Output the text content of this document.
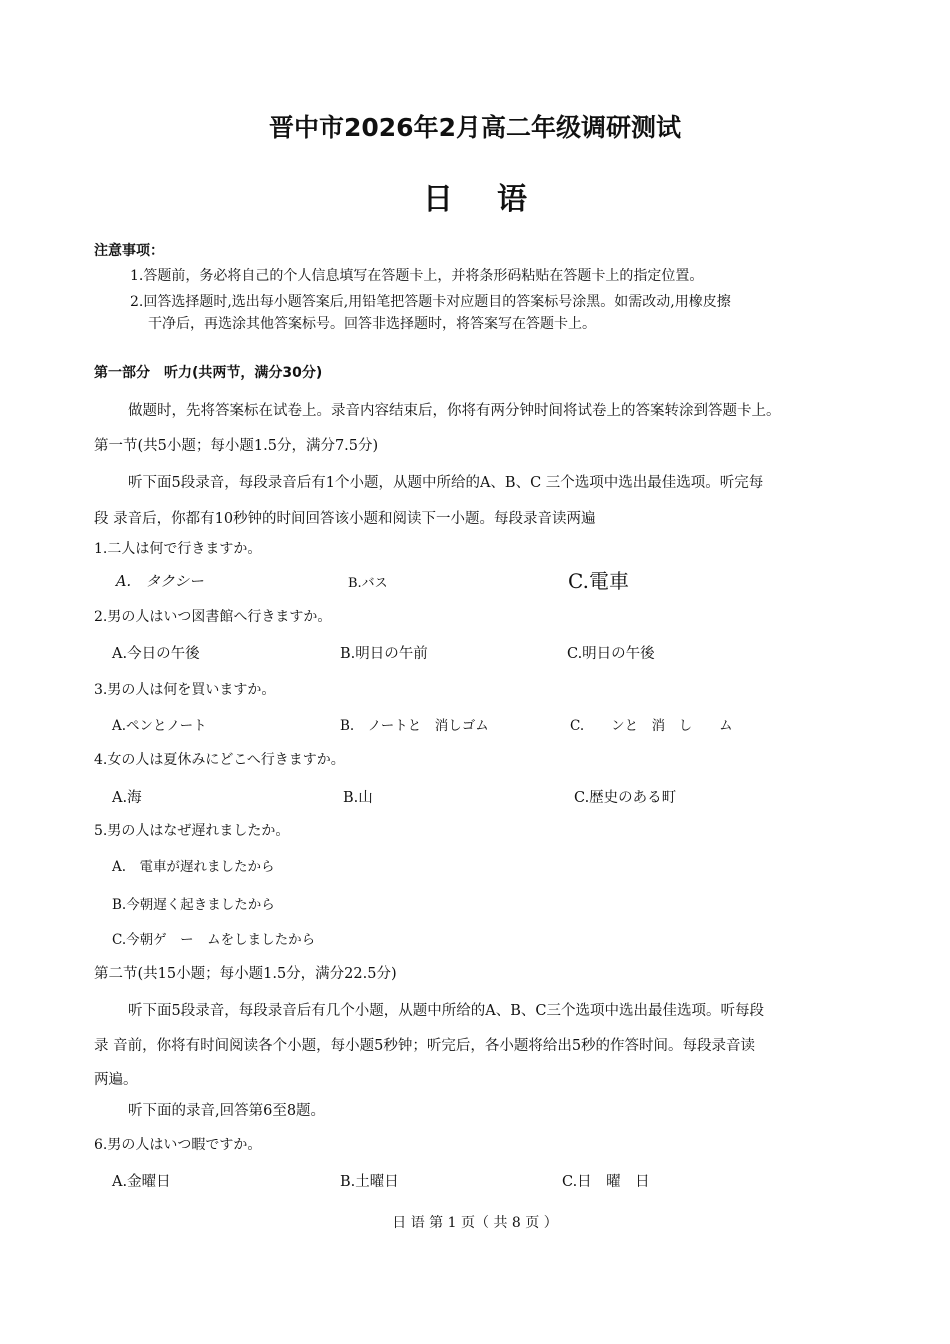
晋中市2026年2月高二年级调研测试
日语
注意事项：
1.答题前，务必将自己的个人信息填写在答题卡上，并将条形码粘贴在答题卡上的指定位置。
2.回答选择题时,选出每小题答案后,用铅笔把答题卡对应题目的答案标号涂黑。如需改动,用橡皮擦
干净后，再选涂其他答案标号。回答非选择题时，将答案写在答题卡上。
第一部分　听力(共两节，满分30分)
做题时，先将答案标在试卷上。录音内容结束后，你将有两分钟时间将试卷上的答案转涂到答题卡上。
第一节(共5小题；每小题1.5分，满分7.5分)
听下面5段录音，每段录音后有1个小题，从题中所给的A、B、C 三个选项中选出最佳选项。听完每
段 录音后，你都有10秒钟的时间回答该小题和阅读下一小题。每段录音读两遍
1.二人は何で行きますか。
A.　タクシー	B.バス	C.電車
2.男の人はいつ図書館へ行きますか。
A.今日の午後	B.明日の午前	C.明日の午後
3.男の人は何を買いますか。
A.ペンとノート	B.　ノートと　消しゴム	C.　　ンと　消　し　　ム
4.女の人は夏休みにどこへ行きますか。
A.海	B.山	C.歴史のある町
5.男の人はなぜ遅れましたか。
A.　電車が遅れましたから
B.今朝遅く起きましたから
C.今朝ゲ　ー　ムをしましたから
第二节(共15小题；每小题1.5分，满分22.5分)
听下面5段录音，每段录音后有几个小题，从题中所给的A、B、C三个选项中选出最佳选项。听每段
录 音前，你将有时间阅读各个小题，每小题5秒钟；听完后，各小题将给出5秒的作答时间。每段录音读
两遍。
听下面的录音,回答第6至8题。
6.男の人はいつ暇ですか。
A.金曜日	B.土曜日	C.日　曜　日
日 语 第 1 页（ 共 8 页 ）
